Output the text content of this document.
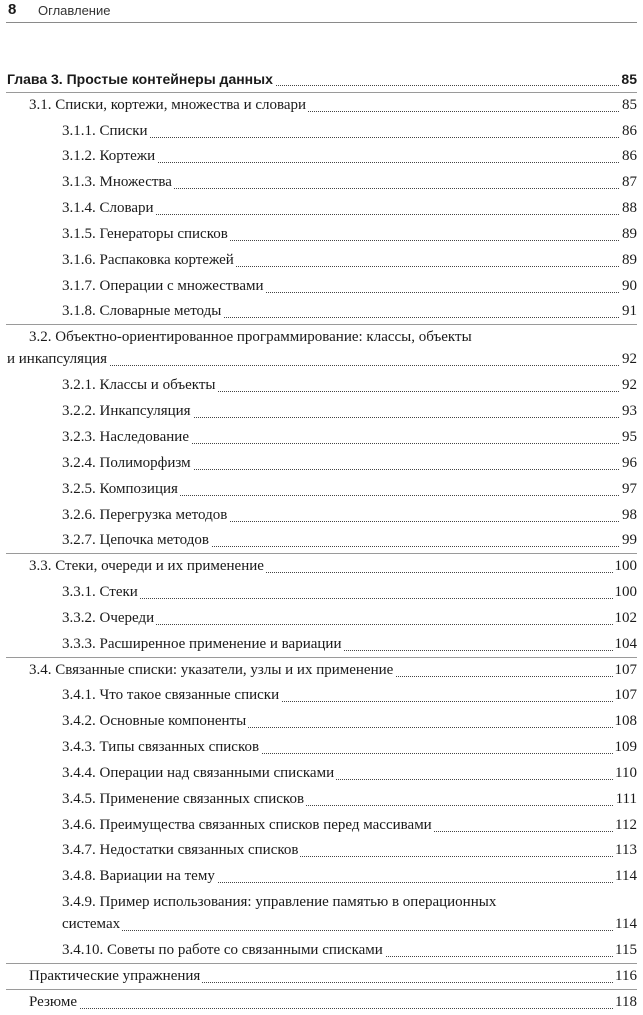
8 Оглавление
Глава 3. Простые контейнеры данных	85
3.1. Списки, кортежи, множества и словари	85
3.1.1. Списки	86
3.1.2. Кортежи	86
3.1.3. Множества	87
3.1.4. Словари	88
3.1.5. Генераторы списков	89
3.1.6. Распаковка кортежей	89
3.1.7. Операции с множествами	90
3.1.8. Словарные методы	91
3.2. Объектно-ориентированное программирование: классы, объекты
и инкапсуляция	92
3.2.1. Классы и объекты	92
3.2.2. Инкапсуляция	93
3.2.3. Наследование	95
3.2.4. Полиморфизм	96
3.2.5. Композиция	97
3.2.6. Перегрузка методов	98
3.2.7. Цепочка методов	99
3.3. Стеки, очереди и их применение	100
3.3.1. Стеки	100
3.3.2. Очереди	102
3.3.3. Расширенное применение и вариации	104
3.4. Связанные списки: указатели, узлы и их применение	107
3.4.1. Что такое связанные списки	107
3.4.2. Основные компоненты	108
3.4.3. Типы связанных списков	109
3.4.4. Операции над связанными списками	110
3.4.5. Применение связанных списков	111
3.4.6. Преимущества связанных списков перед массивами	112
3.4.7. Недостатки связанных списков	113
3.4.8. Вариации на тему	114
3.4.9. Пример использования: управление памятью в операционных
системах	114
3.4.10. Советы по работе со связанными списками	115
Практические упражнения	116
Резюме	118
